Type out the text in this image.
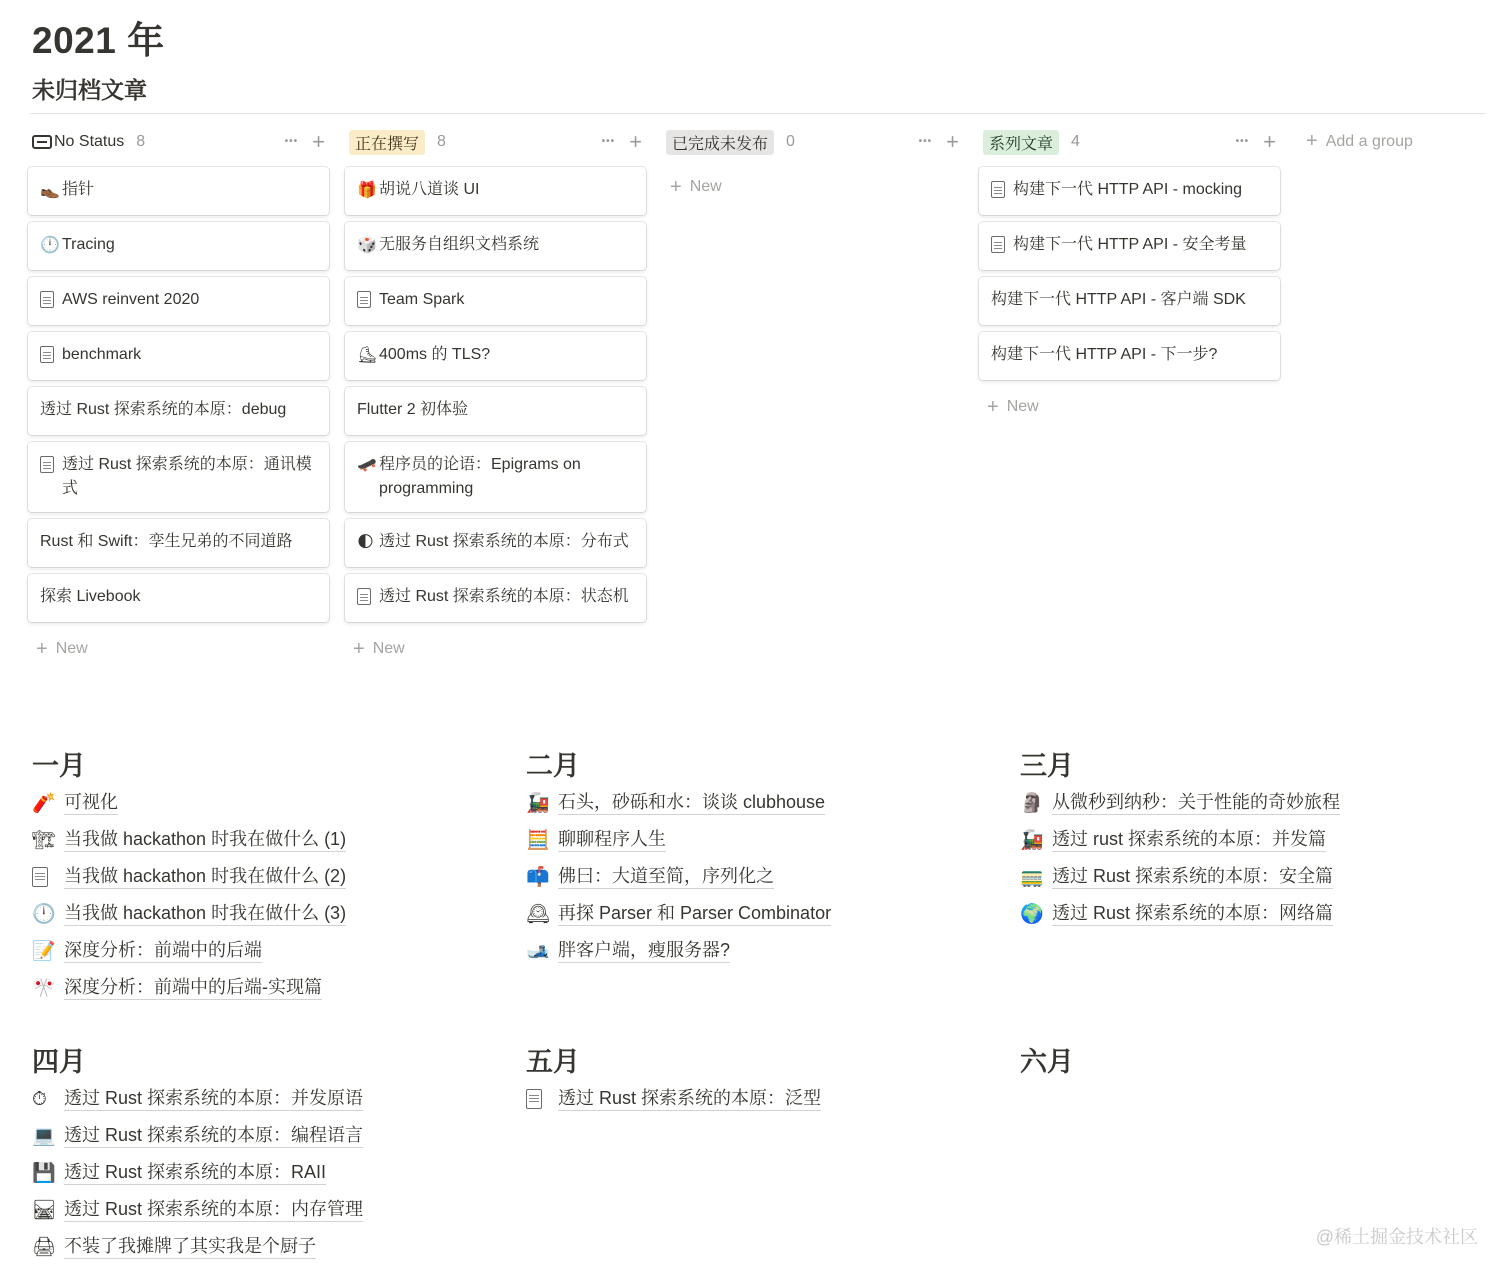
2021 年
未归档文章
+ Add a group
No Status 8	••• +
👞 指针
🕛 Tracing
AWS reinvent 2020
benchmark
透过 Rust 探索系统的本原：debug
透过 Rust 探索系统的本原：通讯模式
Rust 和 Swift：孪生兄弟的不同道路
探索 Livebook
+ New
正在撰写	8	••• +
🎁 胡说八道谈 UI
🎲 无服务自组织文档系统
Team Spark
⛸ 400ms 的 TLS?
Flutter 2 初体验
🛹 程序员的论语：Epigrams on programming
🌓 透过 Rust 探索系统的本原：分布式
透过 Rust 探索系统的本原：状态机
+ New
已完成未发布	0	••• +
+ New
系列文章	4	••• +
构建下一代 HTTP API - mocking
构建下一代 HTTP API - 安全考量
构建下一代 HTTP API - 客户端 SDK
构建下一代 HTTP API - 下一步?
+ New
一月
🧨 可视化
🏗 当我做 hackathon 时我在做什么 (1)
当我做 hackathon 时我在做什么 (2)
🕛 当我做 hackathon 时我在做什么 (3)
📝 深度分析：前端中的后端
🎌 深度分析：前端中的后端-实现篇
二月
🚂 石头，砂砾和水：谈谈 clubhouse
🧮 聊聊程序人生
📫 佛曰：大道至简，序列化之
🕰 再探 Parser 和 Parser Combinator
🎿 胖客户端，瘦服务器?
三月
🗿 从微秒到纳秒：关于性能的奇妙旅程
🚂 透过 rust 探索系统的本原：并发篇
🚃 透过 Rust 探索系统的本原：安全篇
🌍 透过 Rust 探索系统的本原：网络篇
四月
⏱ 透过 Rust 探索系统的本原：并发原语
💻 透过 Rust 探索系统的本原：编程语言
💾 透过 Rust 探索系统的本原：RAII
🛤 透过 Rust 探索系统的本原：内存管理
🖨 不装了我摊牌了其实我是个厨子
五月
透过 Rust 探索系统的本原：泛型
六月
@稀土掘金技术社区
